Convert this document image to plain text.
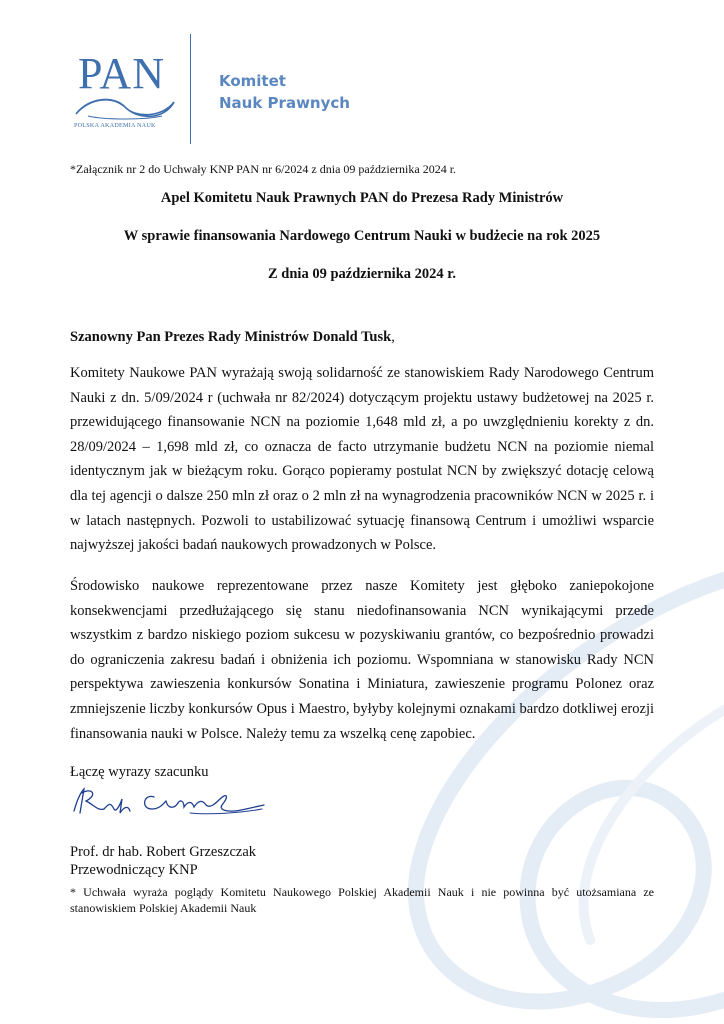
PAN
POLSKA AKADEMIA NAUK
Komitet
Nauk Prawnych
*Załącznik nr 2 do Uchwały KNP PAN nr 6/2024 z dnia 09 października 2024 r.
Apel Komitetu Nauk Prawnych PAN do Prezesa Rady Ministrów
W sprawie finansowania Nardowego Centrum Nauki w budżecie na rok 2025
Z dnia 09 października 2024 r.
Szanowny Pan Prezes Rady Ministrów Donald Tusk,
Komitety Naukowe PAN wyrażają swoją solidarność ze stanowiskiem Rady Narodowego Centrum Nauki z dn. 5/09/2024 r (uchwała nr 82/2024) dotyczącym projektu ustawy budżetowej na 2025 r. przewidującego finansowanie NCN na poziomie 1,648 mld zł, a po uwzględnieniu korekty z dn. 28/09/2024 – 1,698 mld zł, co oznacza de facto utrzymanie budżetu NCN na poziomie niemal identycznym jak w bieżącym roku. Gorąco popieramy postulat NCN by zwiększyć dotację celową dla tej agencji o dalsze 250 mln zł oraz o 2 mln zł na wynagrodzenia pracowników NCN w 2025 r. i w latach następnych. Pozwoli to ustabilizować sytuację finansową Centrum i umożliwi wsparcie najwyższej jakości badań naukowych prowadzonych w Polsce.
Środowisko naukowe reprezentowane przez nasze Komitety jest głęboko zaniepokojone konsekwencjami przedłużającego się stanu niedofinansowania NCN wynikającymi przede wszystkim z bardzo niskiego poziom sukcesu w pozyskiwaniu grantów, co bezpośrednio prowadzi do ograniczenia zakresu badań i obniżenia ich poziomu. Wspomniana w stanowisku Rady NCN perspektywa zawieszenia konkursów Sonatina i Miniatura, zawieszenie programu Polonez oraz zmniejszenie liczby konkursów Opus i Maestro, byłyby kolejnymi oznakami bardzo dotkliwej erozji finansowania nauki w Polsce. Należy temu za wszelką cenę zapobiec.
Łączę wyrazy szacunku
Prof. dr hab. Robert Grzeszczak
Przewodniczący KNP
* Uchwała wyraża poglądy Komitetu Naukowego Polskiej Akademii Nauk i nie powinna być utożsamiana ze stanowiskiem Polskiej Akademii Nauk
